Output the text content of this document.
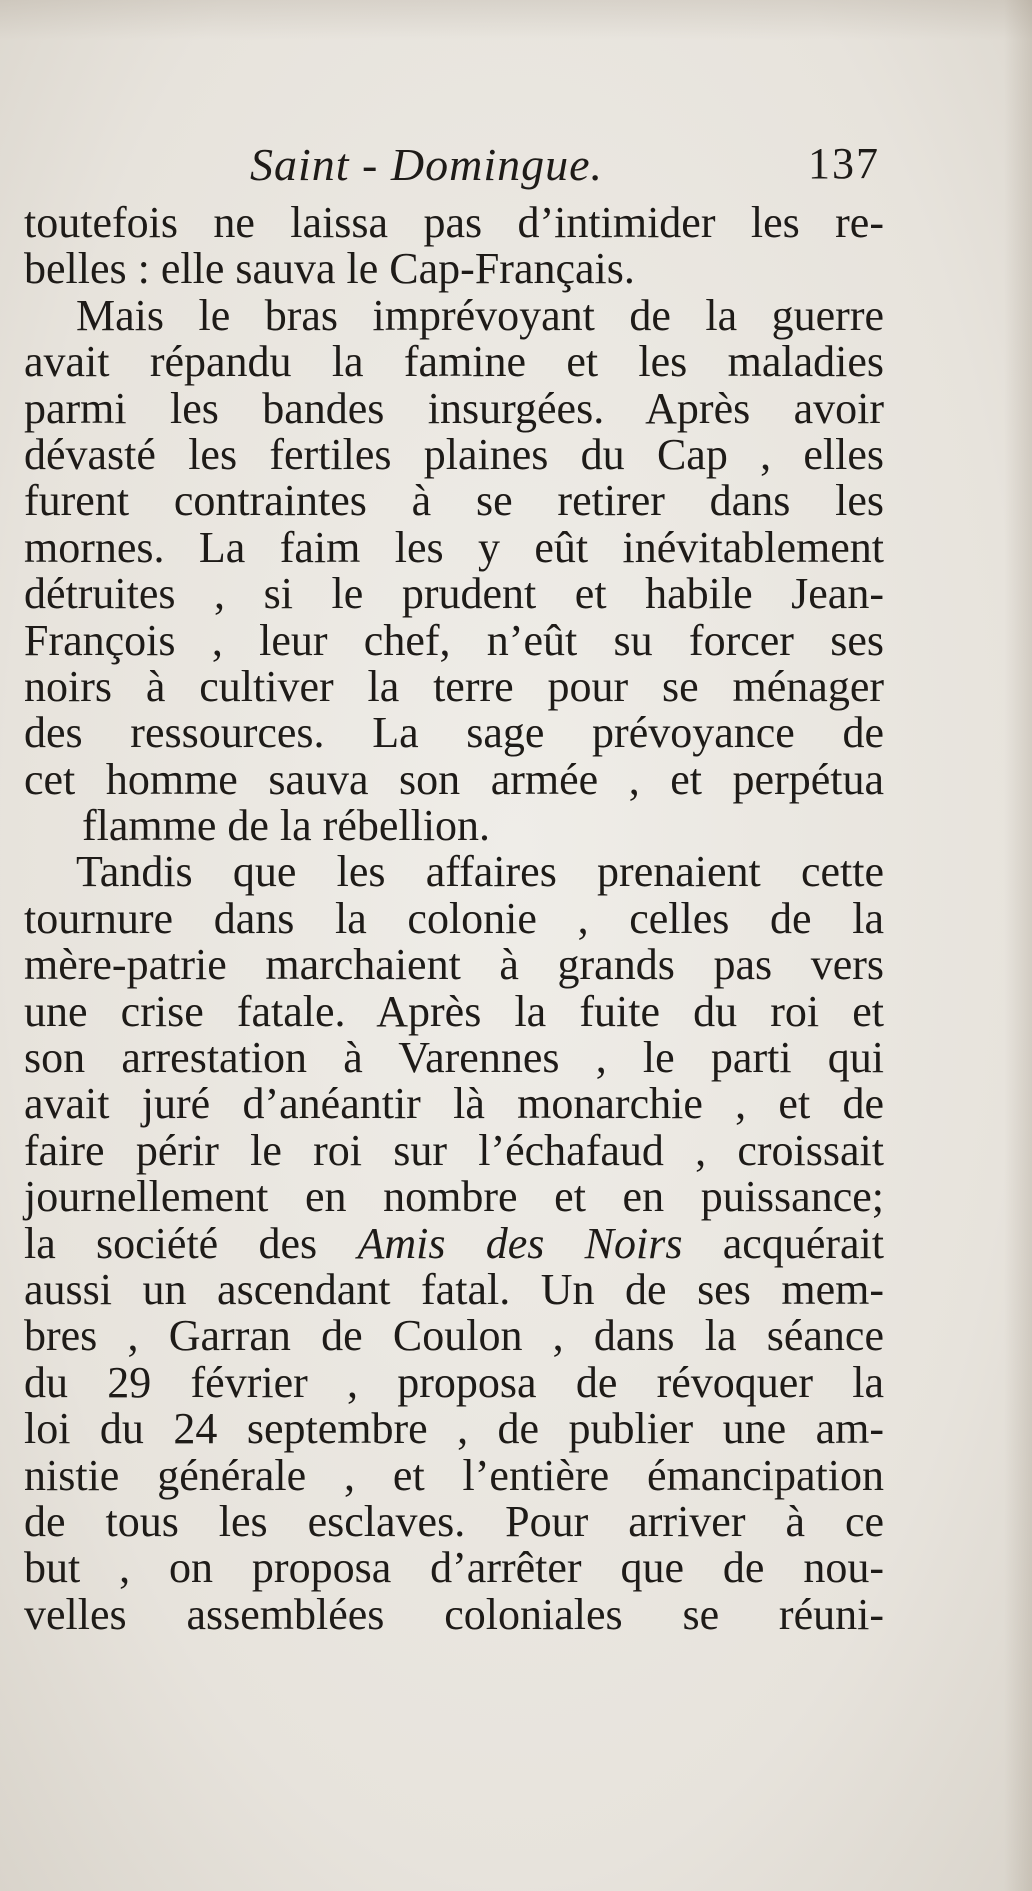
Saint - Domingue.	137
toutefois ne laissa pas d’intimider les re-
belles : elle sauva le Cap-Français.
Mais le bras imprévoyant de la guerre
avait répandu la famine et les maladies
parmi les bandes insurgées. Après avoir
dévasté les fertiles plaines du Cap , elles
furent contraintes à se retirer dans les
mornes. La faim les y eût inévitablement
détruites , si le prudent et habile Jean-
François , leur chef, n’eût su forcer ses
noirs à cultiver la terre pour se ménager
des ressources. La sage prévoyance de
cet homme sauva son armée , et perpétua
flamme de la rébellion.
Tandis que les affaires prenaient cette
tournure dans la colonie , celles de la
mère-patrie marchaient à grands pas vers
une crise fatale. Après la fuite du roi et
son arrestation à Varennes , le parti qui
avait juré d’anéantir là monarchie , et de
faire périr le roi sur l’échafaud , croissait
journellement en nombre et en puissance;
la société des Amis des Noirs acquérait
aussi un ascendant fatal. Un de ses mem-
bres , Garran de Coulon , dans la séance
du 29 février , proposa de révoquer la
loi du 24 septembre , de publier une am-
nistie générale , et l’entière émancipation
de tous les esclaves. Pour arriver à ce
but , on proposa d’arrêter que de nou-
velles assemblées coloniales se réuni-
